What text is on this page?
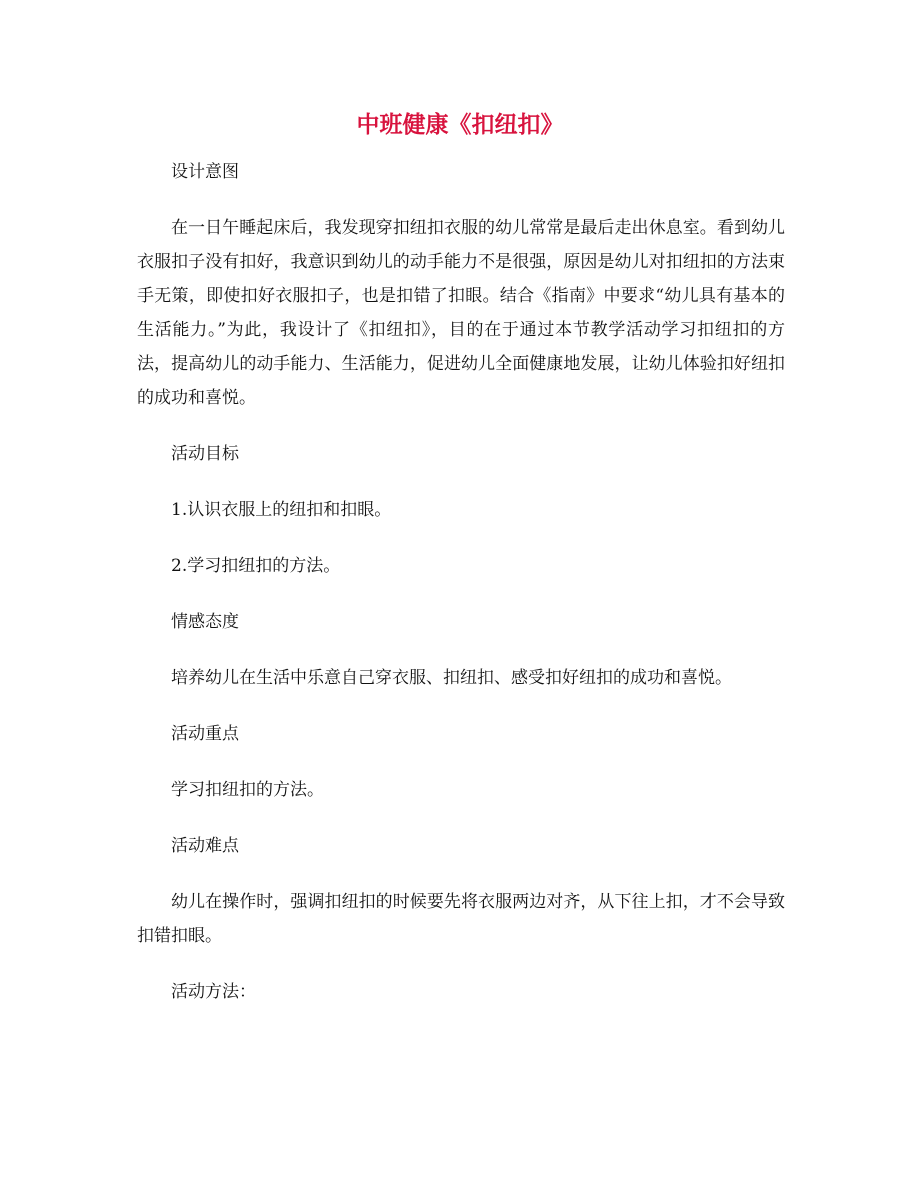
中班健康《扣纽扣》

设计意图

在一日午睡起床后，我发现穿扣纽扣衣服的幼儿常常是最后走出休息室。看到幼儿衣服扣子没有扣好，我意识到幼儿的动手能力不是很强，原因是幼儿对扣纽扣的方法束手无策，即使扣好衣服扣子，也是扣错了扣眼。结合《指南》中要求“幼儿具有基本的生活能力。”为此，我设计了《扣纽扣》，目的在于通过本节教学活动学习扣纽扣的方法，提高幼儿的动手能力、生活能力，促进幼儿全面健康地发展，让幼儿体验扣好纽扣的成功和喜悦。

活动目标

1.认识衣服上的纽扣和扣眼。

2.学习扣纽扣的方法。

情感态度

培养幼儿在生活中乐意自己穿衣服、扣纽扣、感受扣好纽扣的成功和喜悦。

活动重点

学习扣纽扣的方法。

活动难点

幼儿在操作时，强调扣纽扣的时候要先将衣服两边对齐，从下往上扣，才不会导致扣错扣眼。

活动方法：
